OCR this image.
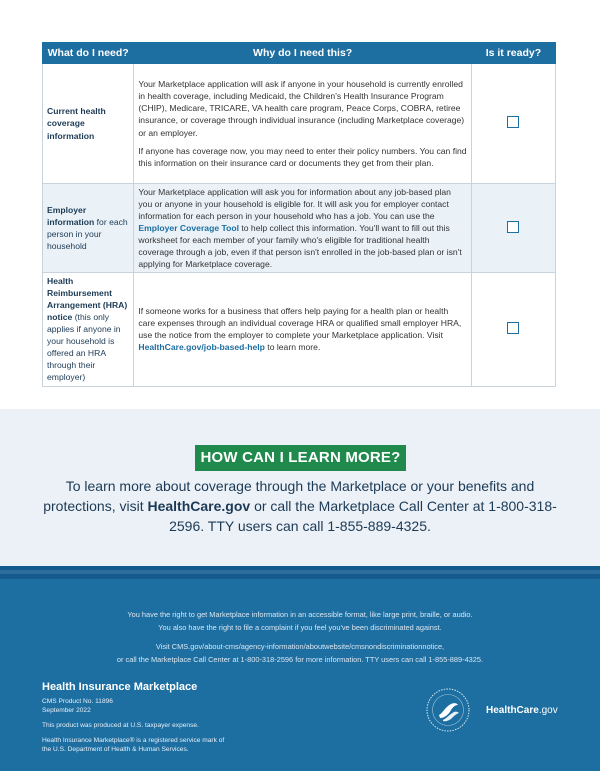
What do I need?	Why do I need this?	Is it ready?
Current health coverage information	Your Marketplace application will ask if anyone in your household is currently enrolled in health coverage, including Medicaid, the Children's Health Insurance Program (CHIP), Medicare, TRICARE, VA health care program, Peace Corps, COBRA, retiree insurance, or coverage through individual insurance (including Marketplace coverage) or an employer.

If anyone has coverage now, you may need to enter their policy numbers. You can find this information on their insurance card or documents they get from their plan.	

Employer information for each person in your household	Your Marketplace application will ask you for information about any job-based plan you or anyone in your household is eligible for. It will ask you for employer contact information for each person in your household who has a job. You can use the Employer Coverage Tool to help collect this information. You'll want to fill out this worksheet for each member of your family who's eligible for traditional health coverage through a job, even if that person isn't enrolled in the job-based plan or isn't applying for Marketplace coverage.	
Health Reimbursement Arrangement (HRA) notice (this only applies if anyone in your household is offered an HRA through their employer)	If someone works for a business that offers help paying for a health plan or health care expenses through an individual coverage HRA or qualified small employer HRA, use the notice from the employer to complete your Marketplace application. Visit HealthCare.gov/job-based-help to learn more.	
HOW CAN I LEARN MORE?
To learn more about coverage through the Marketplace or your benefits and protections, visit HealthCare.gov or call the Marketplace Call Center at 1-800-318-2596. TTY users can call 1-855-889-4325.

You have the right to get Marketplace information in an accessible format, like large print, braille, or audio.

You also have the right to file a complaint if you feel you've been discriminated against.

Visit CMS.gov/about-cms/agency-information/aboutwebsite/cmsnondiscriminationnotice,

or call the Marketplace Call Center at 1-800-318-2596 for more information. TTY users can call 1-855-889-4325.

Health Insurance Marketplace

CMS Product No. 11896

September 2022

This product was produced at U.S. taxpayer expense.

Health Insurance Marketplace® is a registered service mark of

the U.S. Department of Health & Human Services.

HealthCare.gov
